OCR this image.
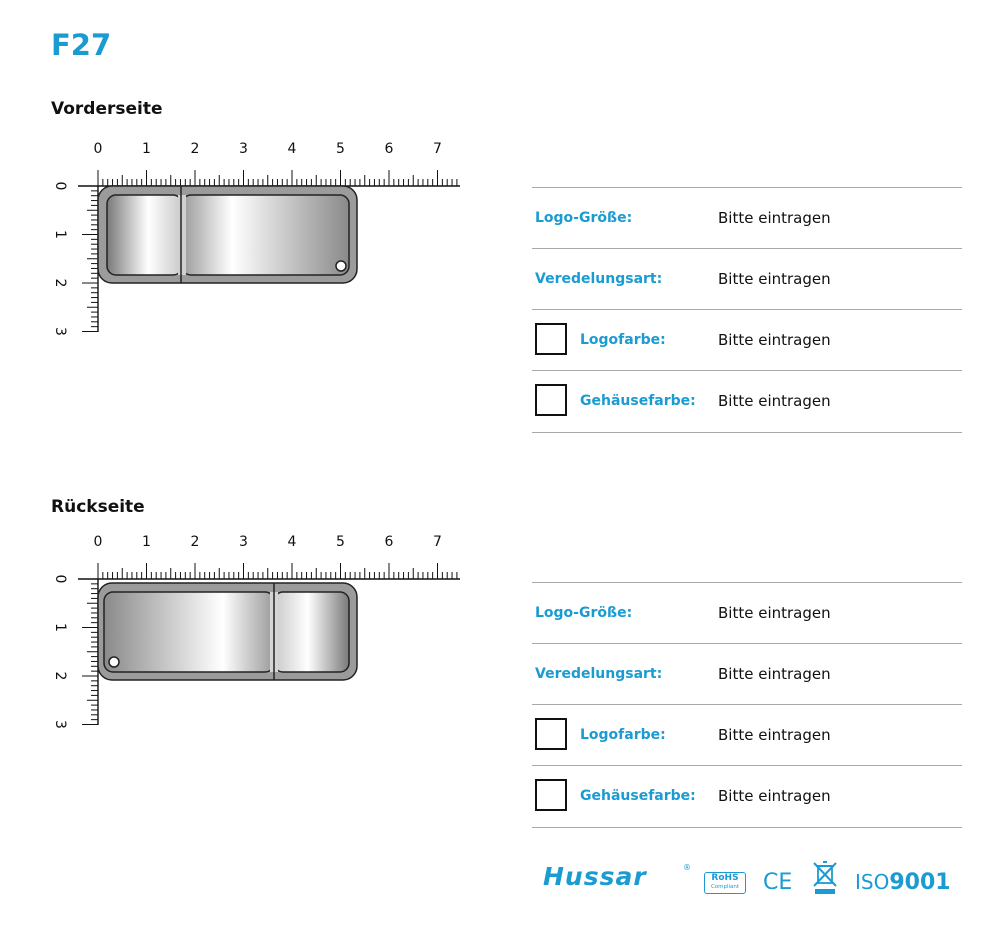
F27
Vorderseite
0	1	2	3	4	5	6	7
0
1
2
3
Logo-Größe:	Bitte eintragen
Veredelungsart:	Bitte eintragen
Logofarbe:	Bitte eintragen
Gehäusefarbe: Bitte eintragen
Rückseite
0	1	2	3	4	5	6	7
0
1
2
3
Logo-Größe:	Bitte eintragen
Veredelungsart:	Bitte eintragen
Logofarbe:	Bitte eintragen
Gehäusefarbe: Bitte eintragen
Hussar	®
RoHS
Compliant CE	ISO9001
